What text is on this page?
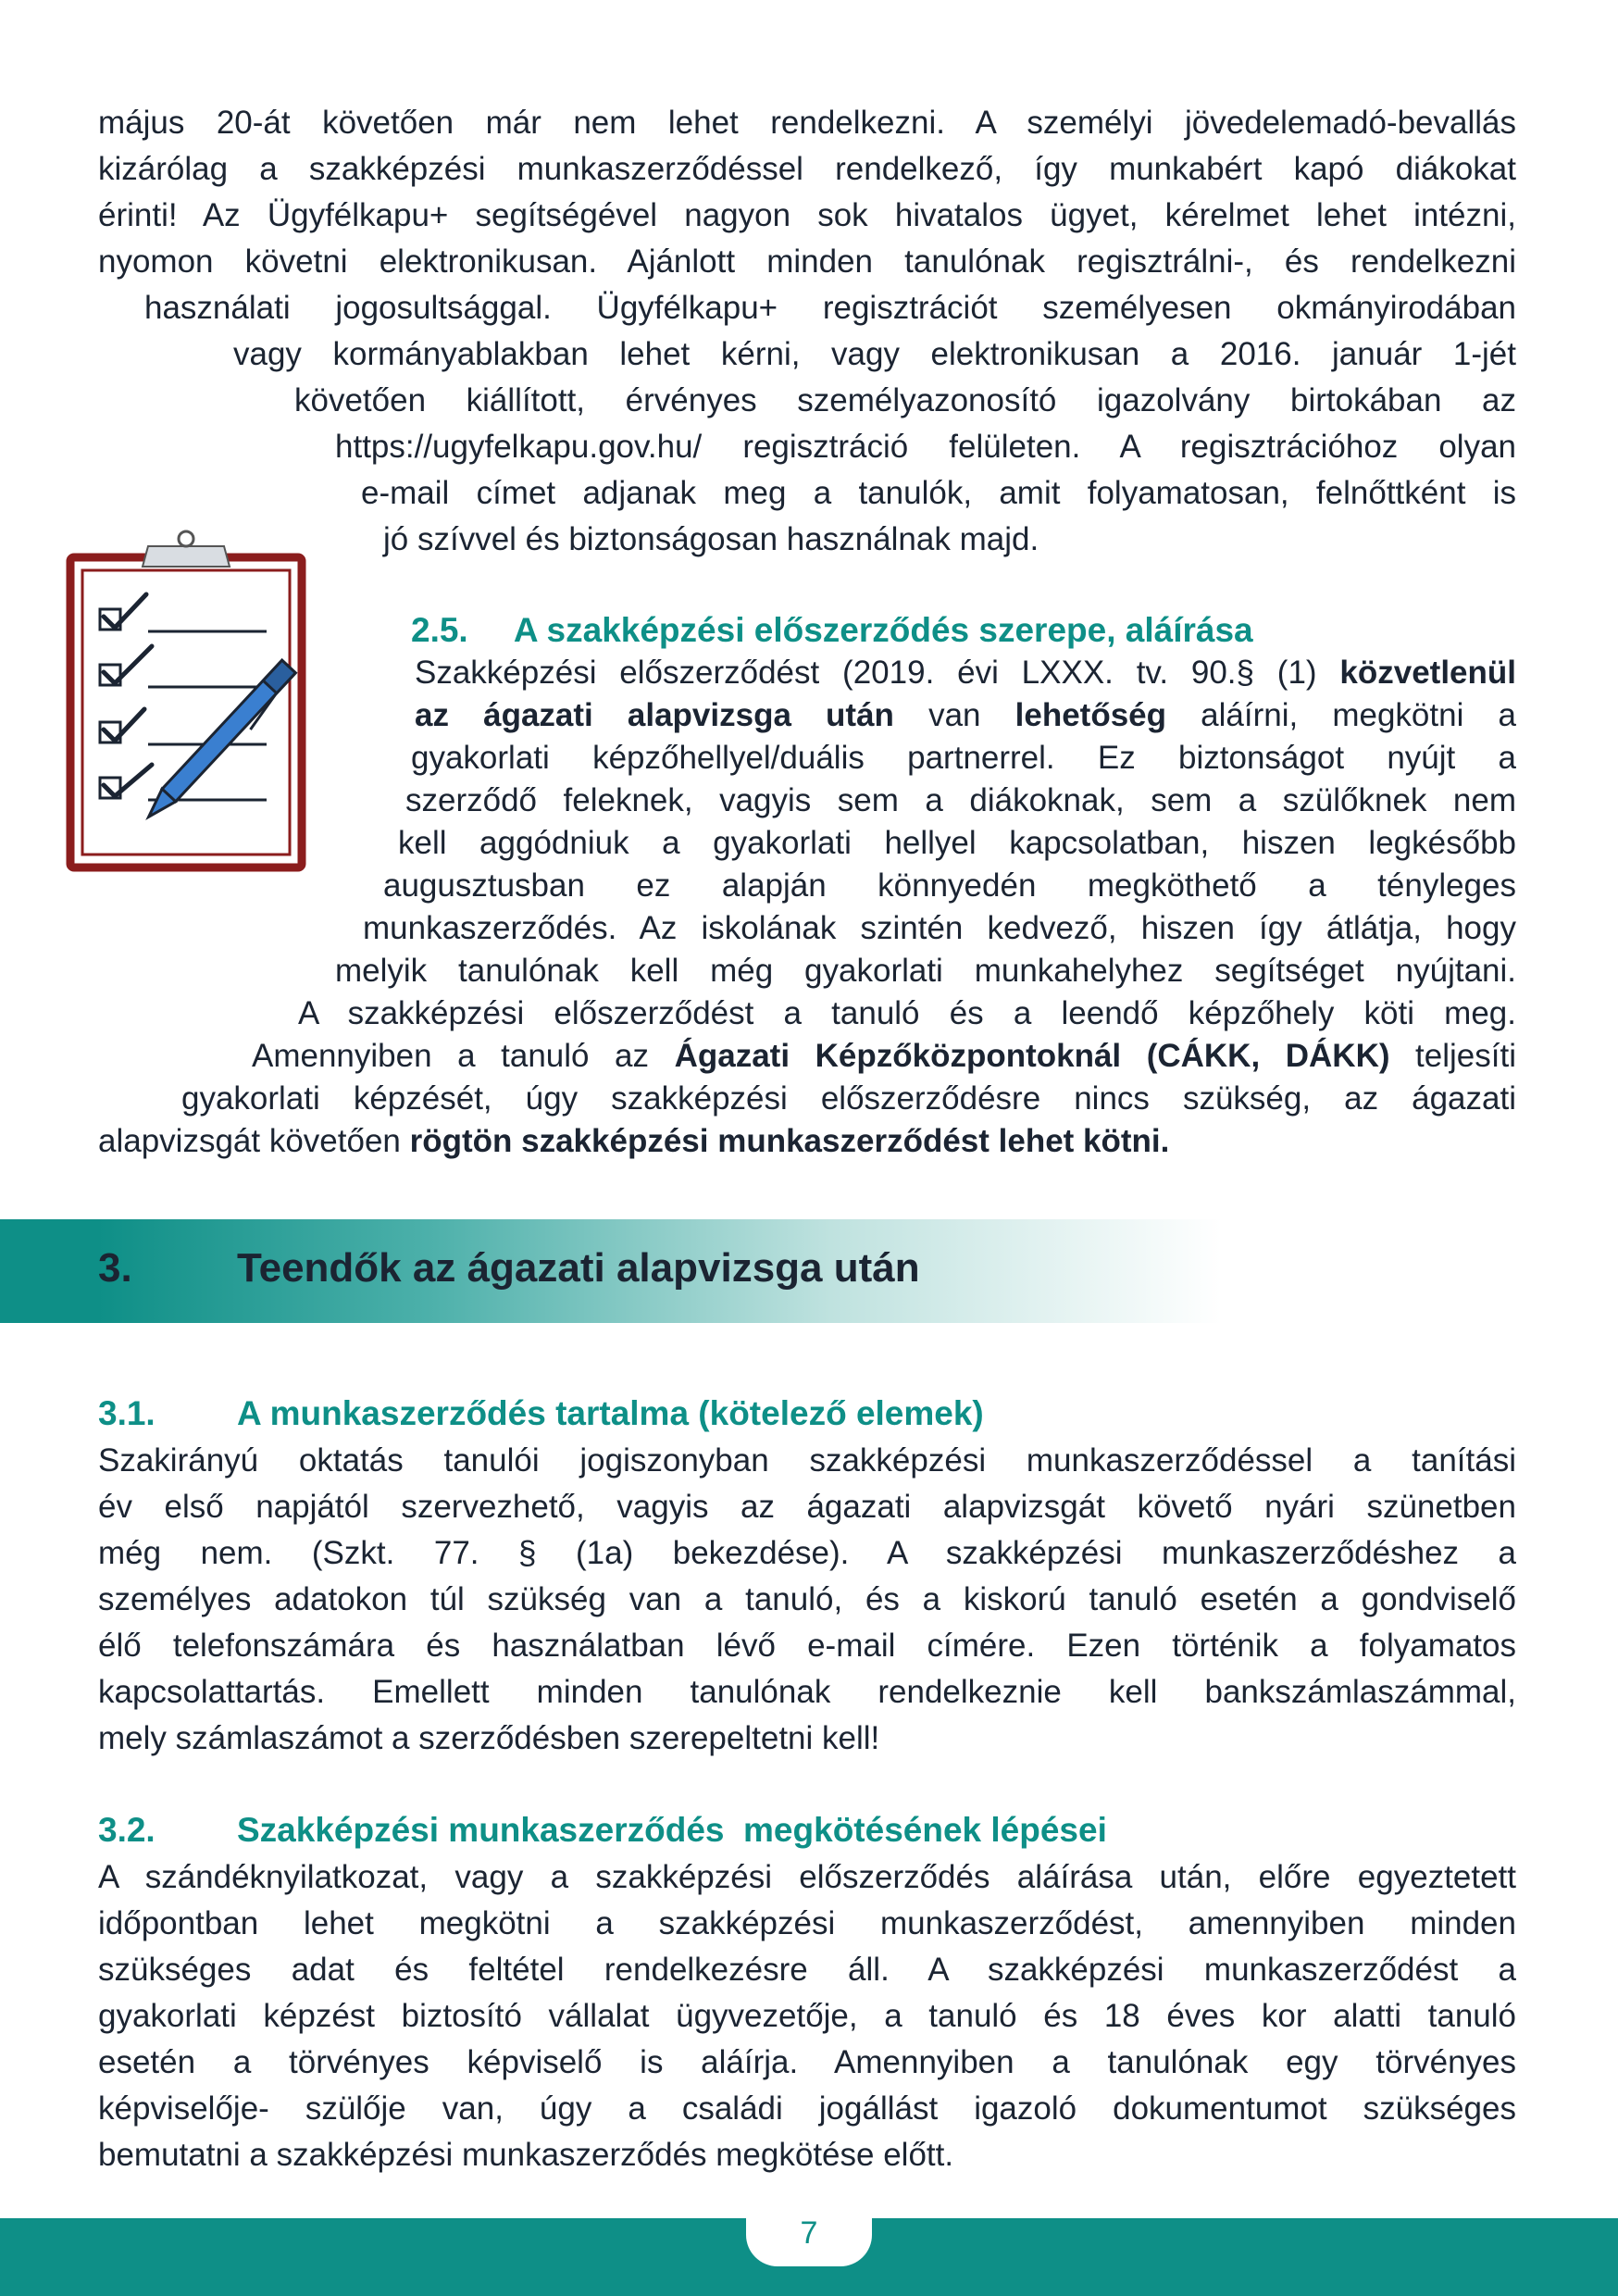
május 20-át követően már nem lehet rendelkezni. A személyi jövedelemadó-bevallás

kizárólag a szakképzési munkaszerződéssel rendelkező, így munkabért kapó diákokat

érinti! Az Ügyfélkapu+ segítségével nagyon sok hivatalos ügyet, kérelmet lehet intézni,

nyomon követni elektronikusan. Ajánlott minden tanulónak regisztrálni-, és rendelkezni

használati jogosultsággal. Ügyfélkapu+ regisztrációt személyesen okmányirodában

vagy kormányablakban lehet kérni, vagy elektronikusan a 2016. január 1-jét

követően kiállított, érvényes személyazonosító igazolvány birtokában az

https://ugyfelkapu.gov.hu/ regisztráció felületen. A regisztrációhoz olyan

e-mail címet adjanak meg a tanulók, amit folyamatosan, felnőttként is

jó szívvel és biztonságosan használnak majd.

2.5. A szakképzési előszerződés szerepe, aláírása

Szakképzési előszerződést (2019. évi LXXX. tv. 90.§ (1) közvetlenül

az ágazati alapvizsga után van lehetőség aláírni, megkötni a

gyakorlati képzőhellyel/duális partnerrel. Ez biztonságot nyújt a

szerződő feleknek, vagyis sem a diákoknak, sem a szülőknek nem

kell aggódniuk a gyakorlati hellyel kapcsolatban, hiszen legkésőbb

augusztusban ez alapján könnyedén megköthető a tényleges

munkaszerződés. Az iskolának szintén kedvező, hiszen így átlátja, hogy

melyik tanulónak kell még gyakorlati munkahelyhez segítséget nyújtani.

A szakképzési előszerződést a tanuló és a leendő képzőhely köti meg.

Amennyiben a tanuló az Ágazati Képzőközpontoknál (CÁKK, DÁKK) teljesíti

gyakorlati képzését, úgy szakképzési előszerződésre nincs szükség, az ágazati

alapvizsgát követően rögtön szakképzési munkaszerződést lehet kötni.

3.	Teendők az ágazati alapvizsga után
3.1. A munkaszerződés tartalma (kötelező elemek)

Szakirányú oktatás tanulói jogiszonyban szakképzési munkaszerződéssel a tanítási

év első napjától szervezhető, vagyis az ágazati alapvizsgát követő nyári szünetben

még nem. (Szkt. 77. § (1a) bekezdése). A szakképzési munkaszerződéshez a

személyes adatokon túl szükség van a tanuló, és a kiskorú tanuló esetén a gondviselő

élő telefonszámára és használatban lévő e-mail címére. Ezen történik a folyamatos

kapcsolattartás. Emellett minden tanulónak rendelkeznie kell bankszámlaszámmal,

mely számlaszámot a szerződésben szerepeltetni kell!

3.2. Szakképzési munkaszerződés  megkötésének lépései

A szándéknyilatkozat, vagy a szakképzési előszerződés aláírása után, előre egyeztetett

időpontban lehet megkötni a szakképzési munkaszerződést, amennyiben minden

szükséges adat és feltétel rendelkezésre áll. A szakképzési munkaszerződést a

gyakorlati képzést biztosító vállalat ügyvezetője, a tanuló és 18 éves kor alatti tanuló

esetén a törvényes képviselő is aláírja. Amennyiben a tanulónak egy törvényes

képviselője- szülője van, úgy a családi jogállást igazoló dokumentumot szükséges

bemutatni a szakképzési munkaszerződés megkötése előtt.

7
